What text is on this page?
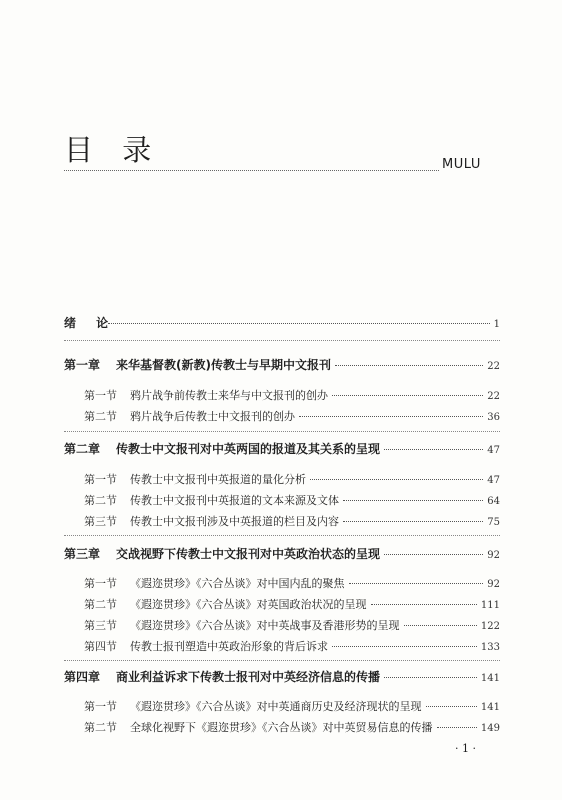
目 录	MULU
绪 论	1
第一章	来华基督教(新教)传教士与早期中文报刊	22
第一节	鸦片战争前传教士来华与中文报刊的创办	22
第二节	鸦片战争后传教士中文报刊的创办	36
第二章	传教士中文报刊对中英两国的报道及其关系的呈现	47
第一节	传教士中文报刊中英报道的量化分析	47
第二节	传教士中文报刊中英报道的文本来源及文体	64
第三节	传教士中文报刊涉及中英报道的栏目及内容	75
第三章	交战视野下传教士中文报刊对中英政治状态的呈现	92
第一节	《遐迩贯珍》《六合丛谈》对中国内乱的聚焦	92
第二节	《遐迩贯珍》《六合丛谈》对英国政治状况的呈现	111
第三节	《遐迩贯珍》《六合丛谈》对中英战事及香港形势的呈现	122
第四节	传教士报刊塑造中英政治形象的背后诉求	133
第四章	商业利益诉求下传教士报刊对中英经济信息的传播	141
第一节	《遐迩贯珍》《六合丛谈》对中英通商历史及经济现状的呈现	141
第二节	全球化视野下《遐迩贯珍》《六合丛谈》对中英贸易信息的传播	149
· 1 ·
